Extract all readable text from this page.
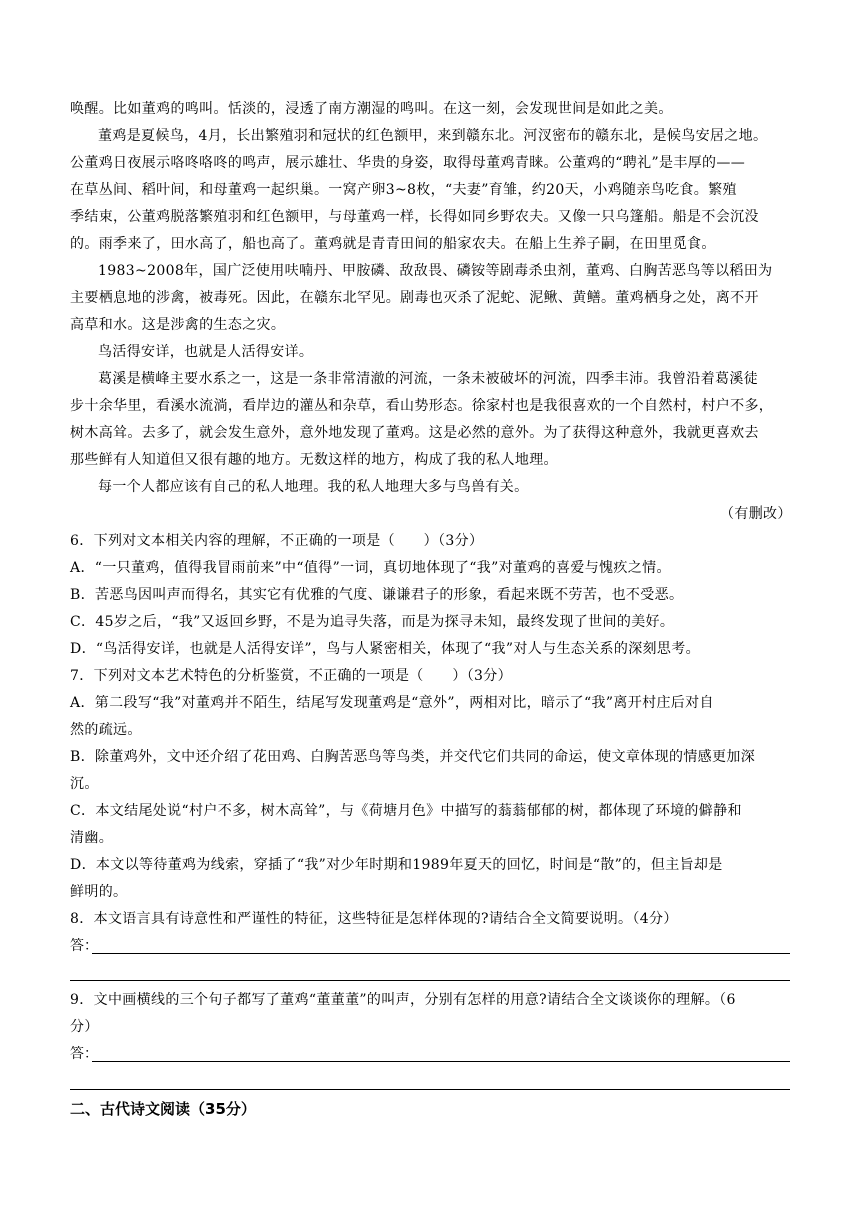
唤醒。比如董鸡的鸣叫。恬淡的，浸透了南方潮湿的鸣叫。在这一刻，会发现世间是如此之美。
董鸡是夏候鸟，4月，长出繁殖羽和冠状的红色额甲，来到赣东北。河汊密布的赣东北，是候鸟安居之地。
公董鸡日夜展示咯咚咯咚的鸣声，展示雄壮、华贵的身姿，取得母董鸡青睐。公董鸡的“聘礼”是丰厚的——
在草丛间、稻叶间，和母董鸡一起织巢。一窝产卵3~8枚，“夫妻”育雏，约20天，小鸡随亲鸟吃食。繁殖
季结束，公董鸡脱落繁殖羽和红色额甲，与母董鸡一样，长得如同乡野农夫。又像一只乌篷船。船是不会沉没
的。雨季来了，田水高了，船也高了。董鸡就是青青田间的船家农夫。在船上生养子嗣，在田里觅食。
1983~2008年，国广泛使用呋喃丹、甲胺磷、敌敌畏、磷铵等剧毒杀虫剂，董鸡、白胸苦恶鸟等以稻田为
主要栖息地的涉禽，被毒死。因此，在赣东北罕见。剧毒也灭杀了泥蛇、泥鳅、黄鳝。董鸡栖身之处，离不开
高草和水。这是涉禽的生态之灾。
鸟活得安详，也就是人活得安详。
葛溪是横峰主要水系之一，这是一条非常清澈的河流，一条未被破坏的河流，四季丰沛。我曾沿着葛溪徒
步十余华里，看溪水流淌，看岸边的灌丛和杂草，看山势形态。徐家村也是我很喜欢的一个自然村，村户不多，
树木高耸。去多了，就会发生意外，意外地发现了董鸡。这是必然的意外。为了获得这种意外，我就更喜欢去
那些鲜有人知道但又很有趣的地方。无数这样的地方，构成了我的私人地理。
每一个人都应该有自己的私人地理。我的私人地理大多与鸟兽有关。
（有删改）
6．下列对文本相关内容的理解，不正确的一项是（　　）（3分）
A．“一只董鸡，值得我冒雨前来”中“值得”一词，真切地体现了“我”对董鸡的喜爱与愧疚之情。
B．苦恶鸟因叫声而得名，其实它有优雅的气度、谦谦君子的形象，看起来既不劳苦，也不受恶。
C．45岁之后，“我”又返回乡野，不是为追寻失落，而是为探寻未知，最终发现了世间的美好。
D．“鸟活得安详，也就是人活得安详”，鸟与人紧密相关，体现了“我”对人与生态关系的深刻思考。
7．下列对文本艺术特色的分析鉴赏，不正确的一项是（　　）（3分）
A．第二段写“我”对董鸡并不陌生，结尾写发现董鸡是“意外”，两相对比，暗示了“我”离开村庄后对自
然的疏远。
B．除董鸡外，文中还介绍了花田鸡、白胸苦恶鸟等鸟类，并交代它们共同的命运，使文章体现的情感更加深
沉。
C．本文结尾处说“村户不多，树木高耸”，与《荷塘月色》中描写的蓊蓊郁郁的树，都体现了环境的僻静和
清幽。
D．本文以等待董鸡为线索，穿插了“我”对少年时期和1989年夏天的回忆，时间是“散”的，但主旨却是
鲜明的。
8．本文语言具有诗意性和严谨性的特征，这些特征是怎样体现的?请结合全文简要说明。（4分）
答：
9．文中画横线的三个句子都写了董鸡“董董董”的叫声，分别有怎样的用意?请结合全文谈谈你的理解。（6
分）
答：
二、古代诗文阅读（35分）
